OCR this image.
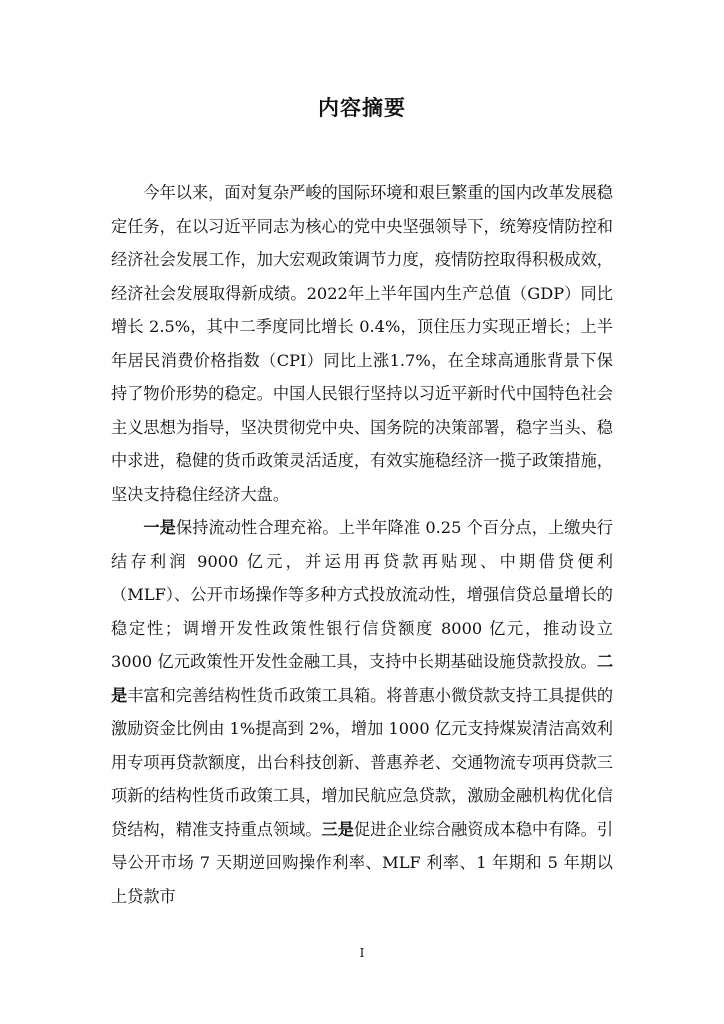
内容摘要

今年以来，面对复杂严峻的国际环境和艰巨繁重的国内改革发展稳定任务，在以习近平同志为核心的党中央坚强领导下，统筹疫情防控和经济社会发展工作，加大宏观政策调节力度，疫情防控取得积极成效，经济社会发展取得新成绩。2022年上半年国内生产总值（GDP）同比增长 2.5%，其中二季度同比增长 0.4%，顶住压力实现正增长；上半年居民消费价格指数（CPI）同比上涨1.7%，在全球高通胀背景下保持了物价形势的稳定。中国人民银行坚持以习近平新时代中国特色社会主义思想为指导，坚决贯彻党中央、国务院的决策部署，稳字当头、稳中求进，稳健的货币政策灵活适度，有效实施稳经济一揽子政策措施，坚决支持稳住经济大盘。

一是保持流动性合理充裕。上半年降准 0.25 个百分点，上缴央行结存利润 9000 亿元，并运用再贷款再贴现、中期借贷便利（MLF）、公开市场操作等多种方式投放流动性，增强信贷总量增长的稳定性；调增开发性政策性银行信贷额度 8000 亿元，推动设立 3000 亿元政策性开发性金融工具，支持中长期基础设施贷款投放。二是丰富和完善结构性货币政策工具箱。将普惠小微贷款支持工具提供的激励资金比例由 1%提高到 2%，增加 1000 亿元支持煤炭清洁高效利用专项再贷款额度，出台科技创新、普惠养老、交通物流专项再贷款三项新的结构性货币政策工具，增加民航应急贷款，激励金融机构优化信贷结构，精准支持重点领域。三是促进企业综合融资成本稳中有降。引导公开市场 7 天期逆回购操作利率、MLF 利率、1 年期和 5 年期以上贷款市

I
